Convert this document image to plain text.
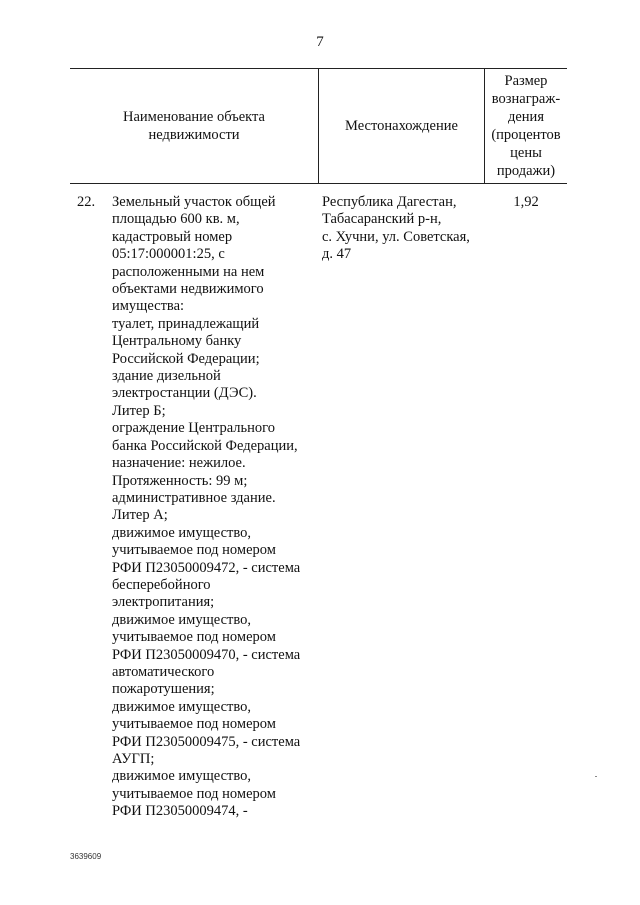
7
Наименование объекта
недвижимости
Местонахождение
Размер
вознаграж-
дения
(процентов
цены
продажи)
22. Земельный участок общей
площадью 600 кв. м,
кадастровый номер
05:17:000001:25, с
расположенными на нем
объектами недвижимого
имущества:
туалет, принадлежащий
Центральному банку
Российской Федерации;
здание дизельной
электростанции (ДЭС).
Литер Б;
ограждение Центрального
банка Российской Федерации,
назначение: нежилое.
Протяженность: 99 м;
административное здание.
Литер А;
движимое имущество,
учитываемое под номером
РФИ П23050009472, - система
бесперебойного
электропитания;
движимое имущество,
учитываемое под номером
РФИ П23050009470, - система
автоматического
пожаротушения;
движимое имущество,
учитываемое под номером
РФИ П23050009475, - система
АУГП;
движимое имущество,
учитываемое под номером
РФИ П23050009474, -
Республика Дагестан,
Табасаранский р-н,
с. Хучни, ул. Советская,
д. 47
1,92
3639609
